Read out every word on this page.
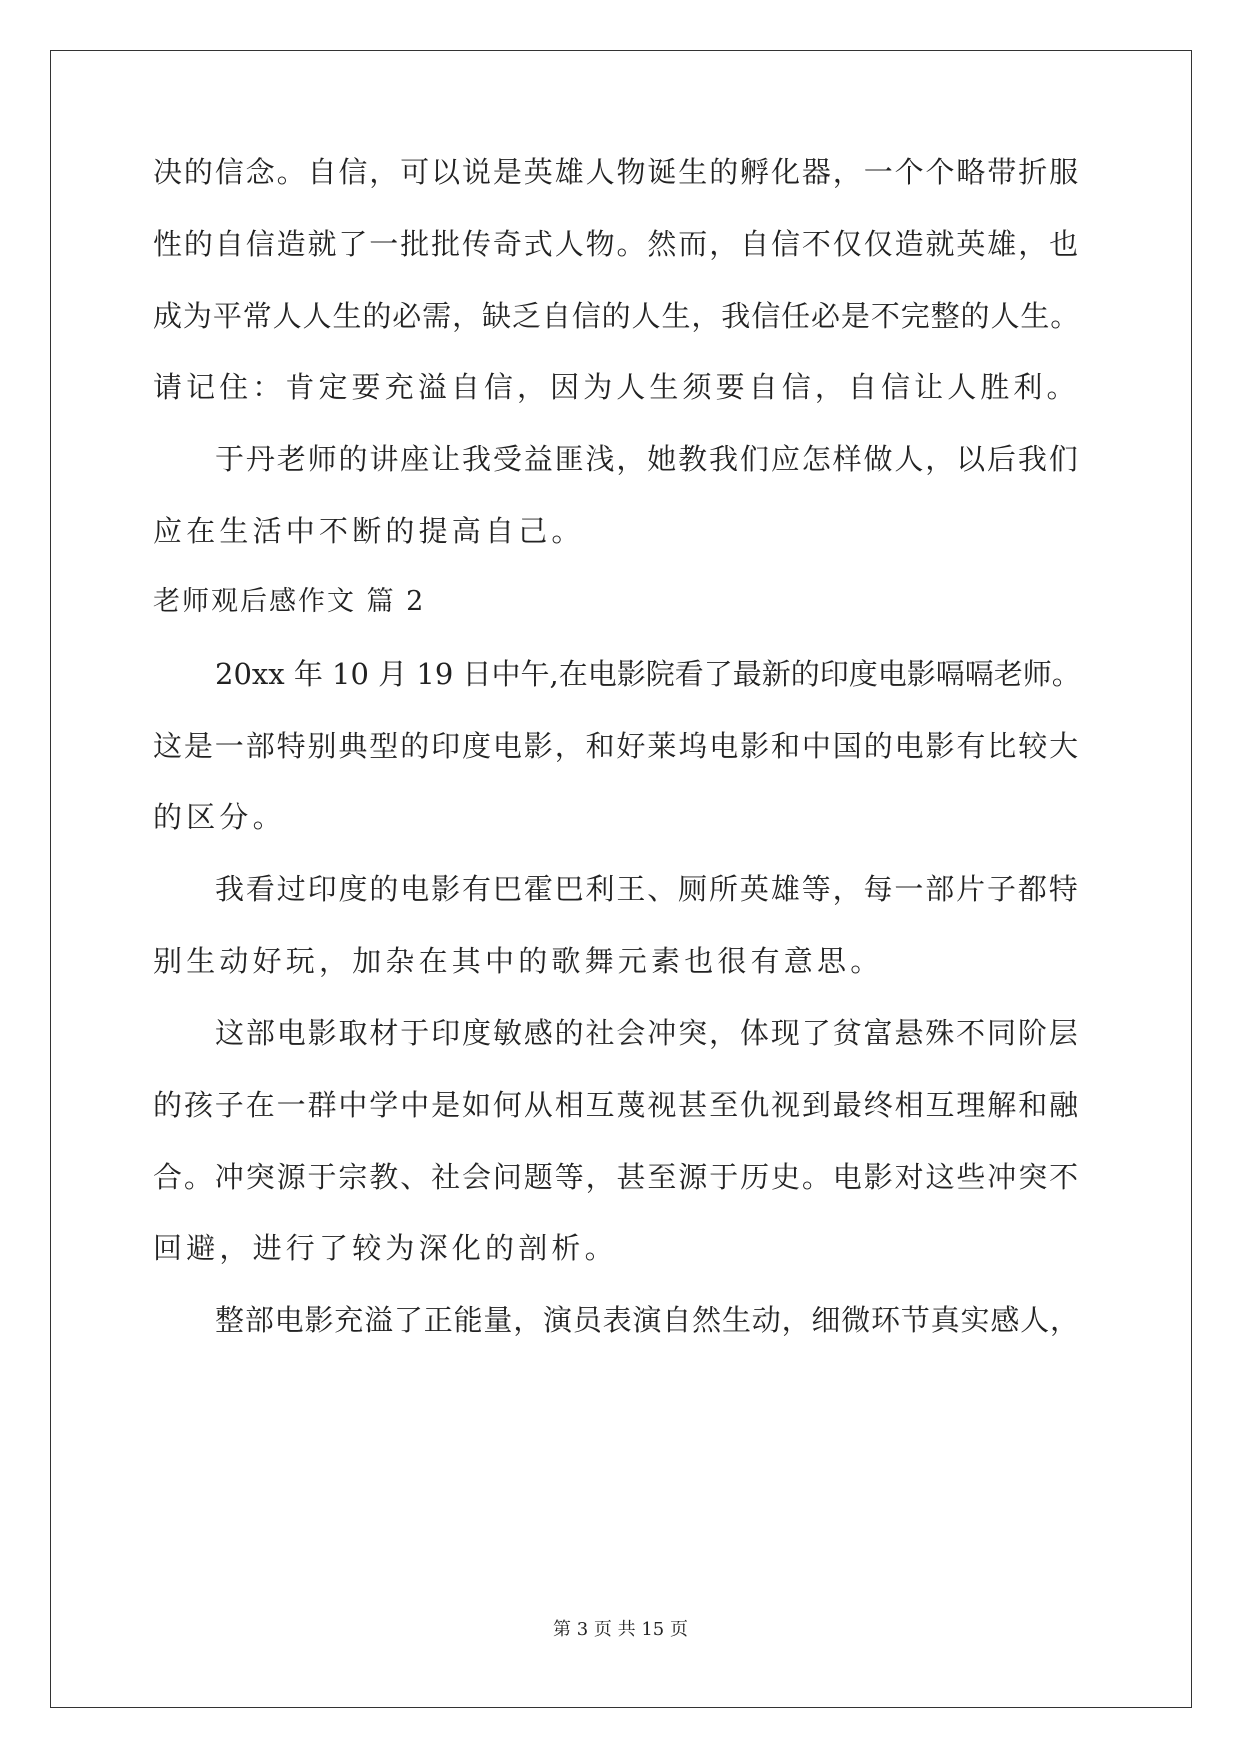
决的信念。自信，可以说是英雄人物诞生的孵化器，一个个略带折服
性的自信造就了一批批传奇式人物。然而，自信不仅仅造就英雄，也
成为平常人人生的必需，缺乏自信的人生，我信任必是不完整的人生。
请记住：肯定要充溢自信，因为人生须要自信，自信让人胜利。
于丹老师的讲座让我受益匪浅，她教我们应怎样做人，以后我们
应在生活中不断的提高自己。
老师观后感作文 篇 2
20xx 年 10 月 19 日中午,在电影院看了最新的印度电影嗝嗝老师。
这是一部特别典型的印度电影，和好莱坞电影和中国的电影有比较大
的区分。
我看过印度的电影有巴霍巴利王、厕所英雄等，每一部片子都特
别生动好玩，加杂在其中的歌舞元素也很有意思。
这部电影取材于印度敏感的社会冲突，体现了贫富悬殊不同阶层
的孩子在一群中学中是如何从相互蔑视甚至仇视到最终相互理解和融
合。冲突源于宗教、社会问题等，甚至源于历史。电影对这些冲突不
回避，进行了较为深化的剖析。
整部电影充溢了正能量，演员表演自然生动，细微环节真实感人，
第 3 页 共 15 页
